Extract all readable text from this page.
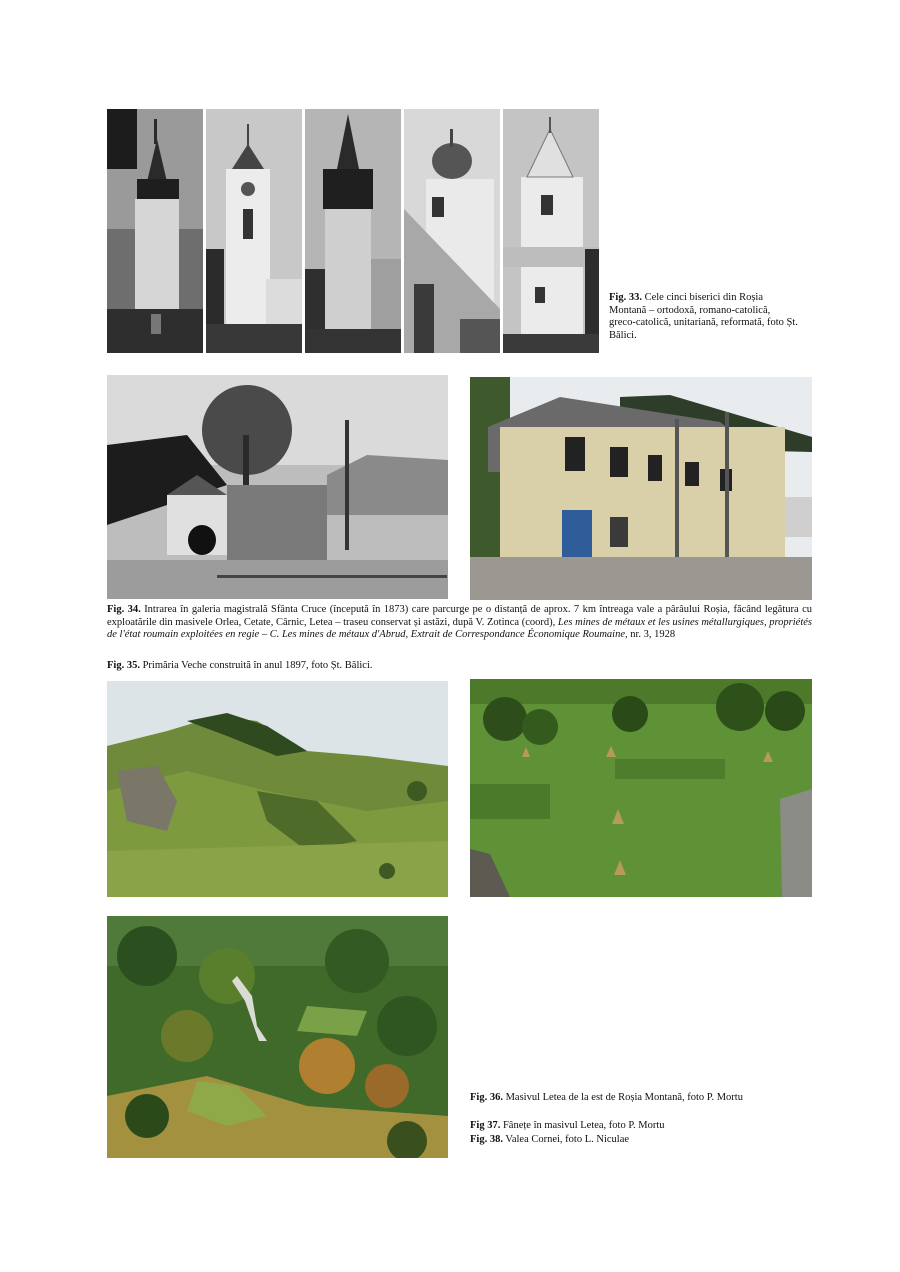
Fig. 33. Cele cinci biserici din Roșia Montană – ortodoxă, romano-catolică, greco-catolică, unitariană, reformată, foto Șt. Bălici.
Fig. 34. Intrarea în galeria magistrală Sfânta Cruce (începută în 1873) care parcurge pe o distanță de aprox. 7 km întreaga vale a pârâului Roșia, făcând legătura cu exploatările din masivele Orlea, Cetate, Cârnic, Letea – traseu conservat și astăzi, după V. Zotinca (coord), Les mines de métaux et les usines métallurgiques, propriétés de l'état roumain exploitées en regie – C. Les mines de métaux d'Abrud, Extrait de Correspondance Économique Roumaine, nr. 3, 1928
Fig. 35. Primăria Veche construită în anul 1897, foto Șt. Bălici.
Fig. 36. Masivul Letea de la est de Roșia Montană, foto P. Mortu
Fig 37. Fânețe în masivul Letea, foto P. Mortu
Fig. 38. Valea Cornei, foto L. Niculae
